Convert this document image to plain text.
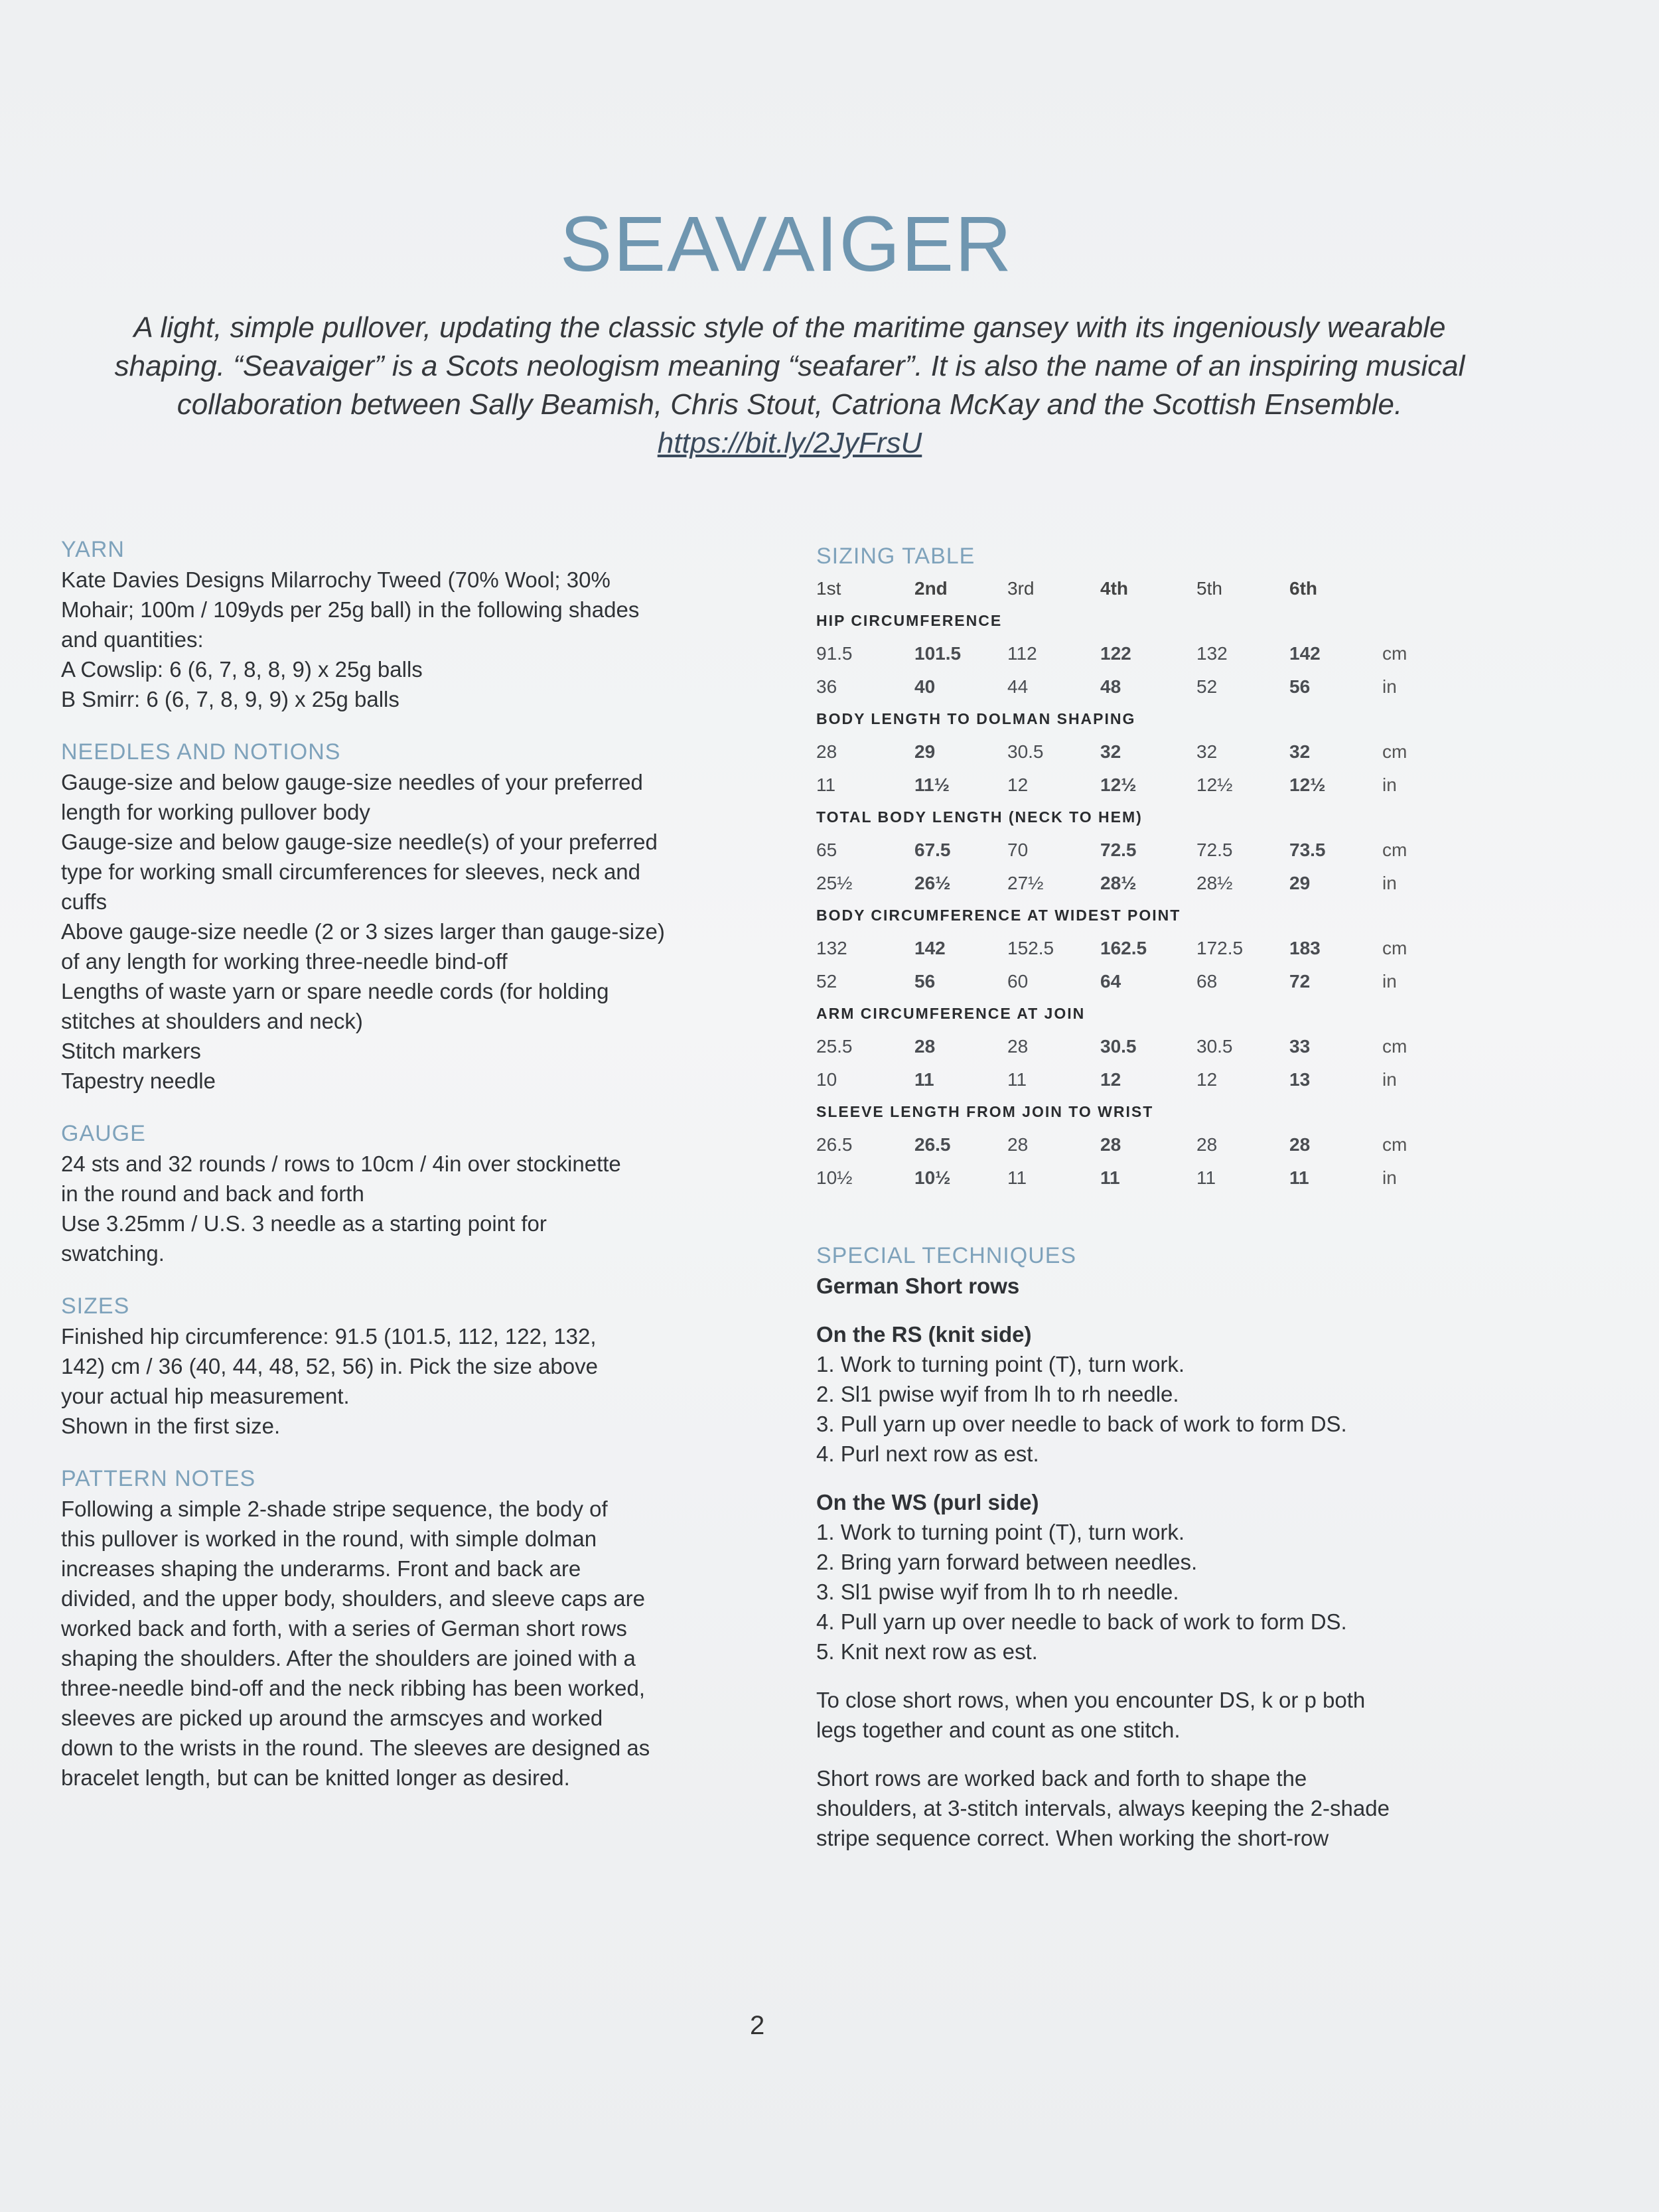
SEAVAIGER
A light, simple pullover, updating the classic style of the maritime gansey with its ingeniously wearable
shaping. “Seavaiger” is a Scots neologism meaning “seafarer”. It is also the name of an inspiring musical
collaboration between Sally Beamish, Chris Stout, Catriona McKay and the Scottish Ensemble.
https://bit.ly/2JyFrsU
YARN
Kate Davies Designs Milarrochy Tweed (70% Wool; 30%
Mohair; 100m / 109yds per 25g ball) in the following shades
and quantities:
A Cowslip: 6 (6, 7, 8, 8, 9) x 25g balls
B Smirr: 6 (6, 7, 8, 9, 9) x 25g balls
NEEDLES AND NOTIONS
Gauge-size and below gauge-size needles of your preferred
length for working pullover body
Gauge-size and below gauge-size needle(s) of your preferred
type for working small circumferences for sleeves, neck and
cuffs
Above gauge-size needle (2 or 3 sizes larger than gauge-size)
of any length for working three-needle bind-off
Lengths of waste yarn or spare needle cords (for holding
stitches at shoulders and neck)
Stitch markers
Tapestry needle
GAUGE
24 sts and 32 rounds / rows to 10cm / 4in over stockinette
in the round and back and forth
Use 3.25mm / U.S. 3 needle as a starting point for
swatching.
SIZES
Finished hip circumference: 91.5 (101.5, 112, 122, 132,
142) cm / 36 (40, 44, 48, 52, 56) in. Pick the size above
your actual hip measurement.
Shown in the first size.
PATTERN NOTES
Following a simple 2-shade stripe sequence, the body of
this pullover is worked in the round, with simple dolman
increases shaping the underarms. Front and back are
divided, and the upper body, shoulders, and sleeve caps are
worked back and forth, with a series of German short rows
shaping the shoulders. After the shoulders are joined with a
three-needle bind-off and the neck ribbing has been worked,
sleeves are picked up around the armscyes and worked
down to the wrists in the round. The sleeves are designed as
bracelet length, but can be knitted longer as desired.
SIZING TABLE
1st	2nd	3rd	4th	5th	6th	
HIP CIRCUMFERENCE						
91.5	101.5	112	122	132	142	cm
36	40	44	48	52	56	in
BODY LENGTH TO DOLMAN SHAPING						
28	29	30.5	32	32	32	cm
11	11½	12	12½	12½	12½	in
TOTAL BODY LENGTH (NECK TO HEM)						
65	67.5	70	72.5	72.5	73.5	cm
25½	26½	27½	28½	28½	29	in
BODY CIRCUMFERENCE AT WIDEST POINT						
132	142	152.5	162.5	172.5	183	cm
52	56	60	64	68	72	in
ARM CIRCUMFERENCE AT JOIN						
25.5	28	28	30.5	30.5	33	cm
10	11	11	12	12	13	in
SLEEVE LENGTH FROM JOIN TO WRIST						
26.5	26.5	28	28	28	28	cm
10½	10½	11	11	11	11	in
SPECIAL TECHNIQUES
German Short rows
On the RS (knit side)
1. Work to turning point (T), turn work.
2. Sl1 pwise wyif from lh to rh needle.
3. Pull yarn up over needle to back of work to form DS.
4. Purl next row as est.
On the WS (purl side)
1. Work to turning point (T), turn work.
2. Bring yarn forward between needles.
3. Sl1 pwise wyif from lh to rh needle.
4. Pull yarn up over needle to back of work to form DS.
5. Knit next row as est.
To close short rows, when you encounter DS, k or p both
legs together and count as one stitch.
Short rows are worked back and forth to shape the
shoulders, at 3-stitch intervals, always keeping the 2-shade
stripe sequence correct. When working the short-row
2
